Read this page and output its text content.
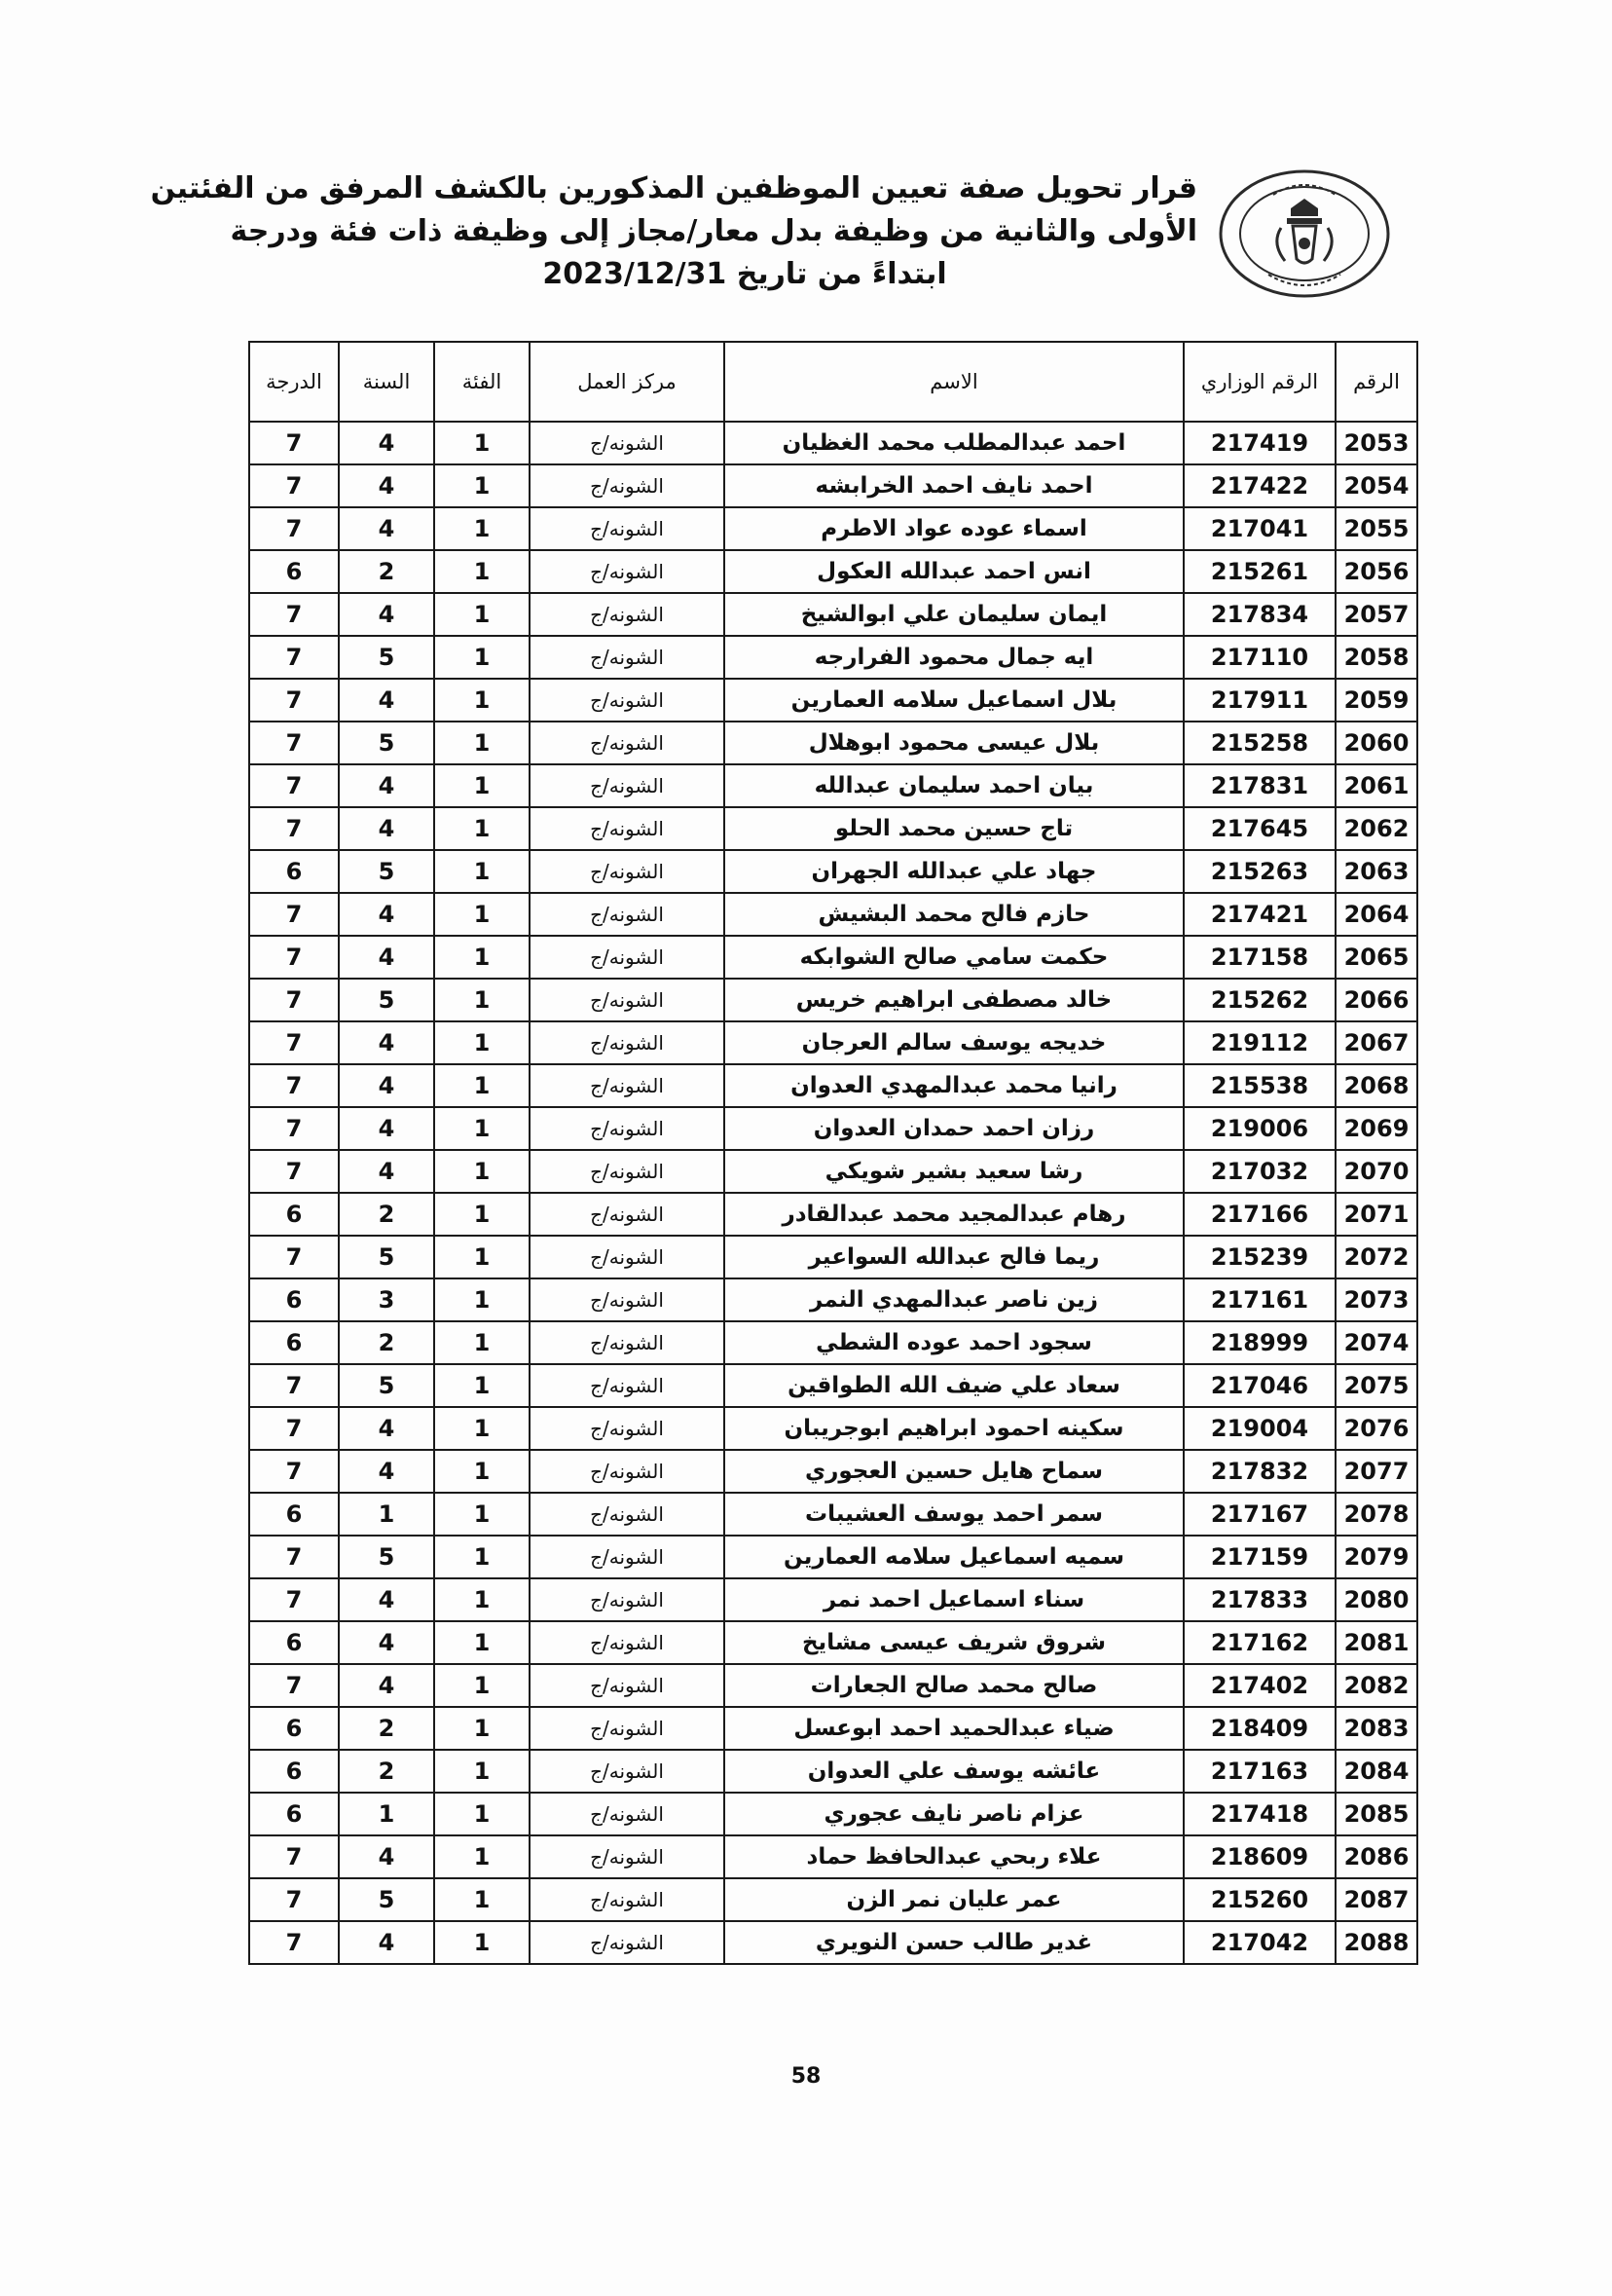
قرار تحويل صفة تعيين الموظفين المذكورين بالكشف المرفق من الفئتين
الأولى والثانية من وظيفة بدل معار/مجاز إلى وظيفة ذات فئة ودرجة
ابتداءً من تاريخ 2023/12/31
الرقم	الرقم الوزاري	الاسم	مركز العمل	الفئة	السنة	الدرجة
2053	217419	احمد عبدالمطلب محمد الغظيان	الشونه/ج	1	4	7
2054	217422	احمد نايف احمد الخرابشه	الشونه/ج	1	4	7
2055	217041	اسماء عوده عواد الاطرم	الشونه/ج	1	4	7
2056	215261	انس احمد عبدالله العكول	الشونه/ج	1	2	6
2057	217834	ايمان سليمان علي ابوالشيخ	الشونه/ج	1	4	7
2058	217110	ايه جمال محمود الفرارجه	الشونه/ج	1	5	7
2059	217911	بلال اسماعيل سلامه العمارين	الشونه/ج	1	4	7
2060	215258	بلال عيسى محمود ابوهلال	الشونه/ج	1	5	7
2061	217831	بيان احمد سليمان عبدالله	الشونه/ج	1	4	7
2062	217645	تاج حسين محمد الحلو	الشونه/ج	1	4	7
2063	215263	جهاد علي عبدالله الجهران	الشونه/ج	1	5	6
2064	217421	حازم فالح محمد البشيش	الشونه/ج	1	4	7
2065	217158	حكمت سامي صالح الشوابكه	الشونه/ج	1	4	7
2066	215262	خالد مصطفى ابراهيم خريس	الشونه/ج	1	5	7
2067	219112	خديجه يوسف سالم العرجان	الشونه/ج	1	4	7
2068	215538	رانيا محمد عبدالمهدي العدوان	الشونه/ج	1	4	7
2069	219006	رزان احمد حمدان العدوان	الشونه/ج	1	4	7
2070	217032	رشا سعيد بشير شويكي	الشونه/ج	1	4	7
2071	217166	رهام عبدالمجيد محمد عبدالقادر	الشونه/ج	1	2	6
2072	215239	ريما فالح عبدالله السواعير	الشونه/ج	1	5	7
2073	217161	زين ناصر عبدالمهدي النمر	الشونه/ج	1	3	6
2074	218999	سجود احمد عوده الشطي	الشونه/ج	1	2	6
2075	217046	سعاد علي ضيف الله الطواقين	الشونه/ج	1	5	7
2076	219004	سكينه احمود ابراهيم ابوجريبان	الشونه/ج	1	4	7
2077	217832	سماح هايل حسين العجوري	الشونه/ج	1	4	7
2078	217167	سمر احمد يوسف العشيبات	الشونه/ج	1	1	6
2079	217159	سميه اسماعيل سلامه العمارين	الشونه/ج	1	5	7
2080	217833	سناء اسماعيل احمد نمر	الشونه/ج	1	4	7
2081	217162	شروق شريف عيسى مشايخ	الشونه/ج	1	4	6
2082	217402	صالح محمد صالح الجعارات	الشونه/ج	1	4	7
2083	218409	ضياء عبدالحميد احمد ابوعسل	الشونه/ج	1	2	6
2084	217163	عائشه يوسف علي العدوان	الشونه/ج	1	2	6
2085	217418	عزام ناصر نايف عجوري	الشونه/ج	1	1	6
2086	218609	علاء ربحي عبدالحافظ حماد	الشونه/ج	1	4	7
2087	215260	عمر عليان نمر الزن	الشونه/ج	1	5	7
2088	217042	غدير طالب حسن النويري	الشونه/ج	1	4	7
58
